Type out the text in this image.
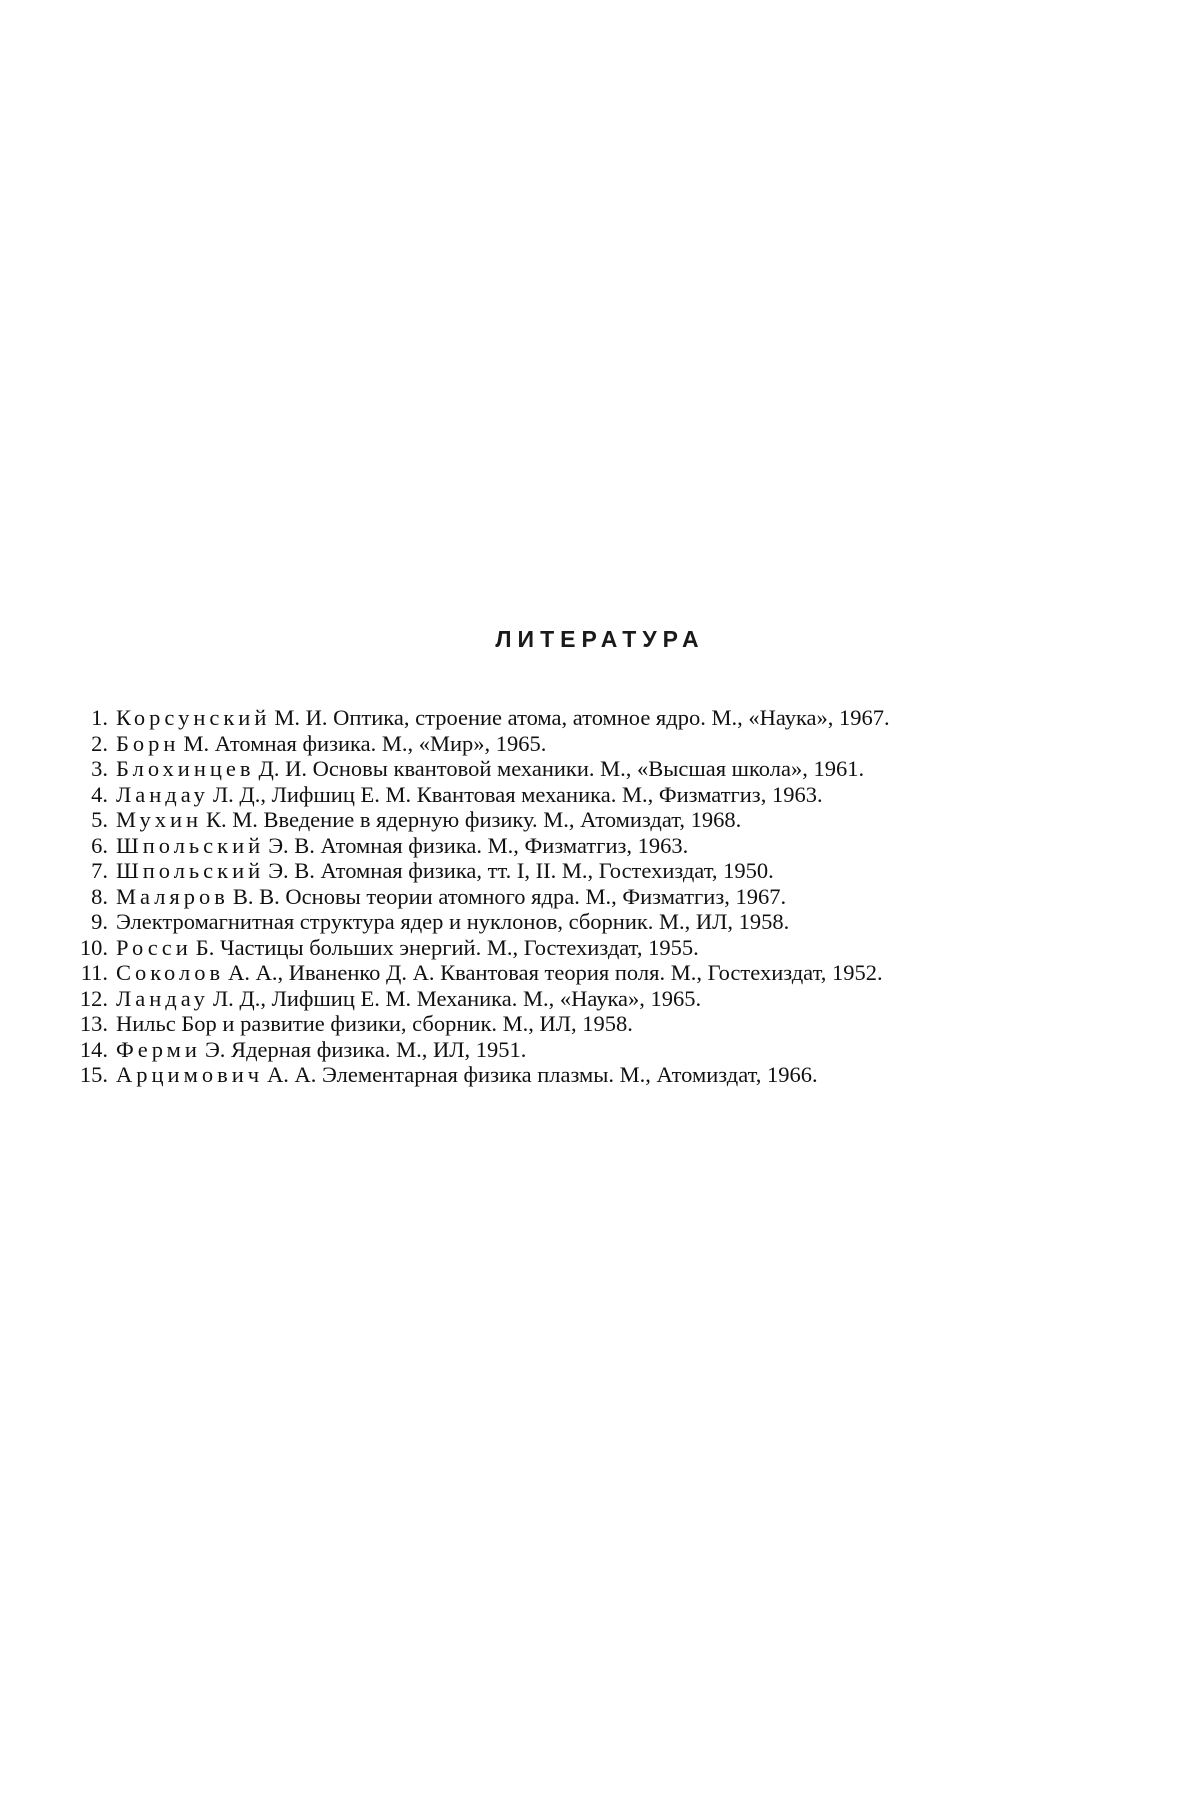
ЛИТЕРАТУРА
1. Корсунский М. И. Оптика, строение атома, атомное ядро. М., «Наука», 1967.
2. Борн М. Атомная физика. М., «Мир», 1965.
3. Блохинцев Д. И. Основы квантовой механики. М., «Высшая школа», 1961.
4. Ландау Л. Д., Лифшиц Е. М. Квантовая механика. М., Физматгиз, 1963.
5. Мухин К. М. Введение в ядерную физику. М., Атомиздат, 1968.
6. Шпольский Э. В. Атомная физика. М., Физматгиз, 1963.
7. Шпольский Э. В. Атомная физика, тт. I, II. М., Гостехиздат, 1950.
8. Маляров В. В. Основы теории атомного ядра. М., Физматгиз, 1967.
9. Электромагнитная структура ядер и нуклонов, сборник. М., ИЛ, 1958.
10. Росси Б. Частицы больших энергий. М., Гостехиздат, 1955.
11. Соколов А. А., Иваненко Д. А. Квантовая теория поля. М., Гостехиздат, 1952.
12. Ландау Л. Д., Лифшиц Е. М. Механика. М., «Наука», 1965.
13. Нильс Бор и развитие физики, сборник. М., ИЛ, 1958.
14. Ферми Э. Ядерная физика. М., ИЛ, 1951.
15. Арцимович А. А. Элементарная физика плазмы. М., Атомиздат, 1966.
